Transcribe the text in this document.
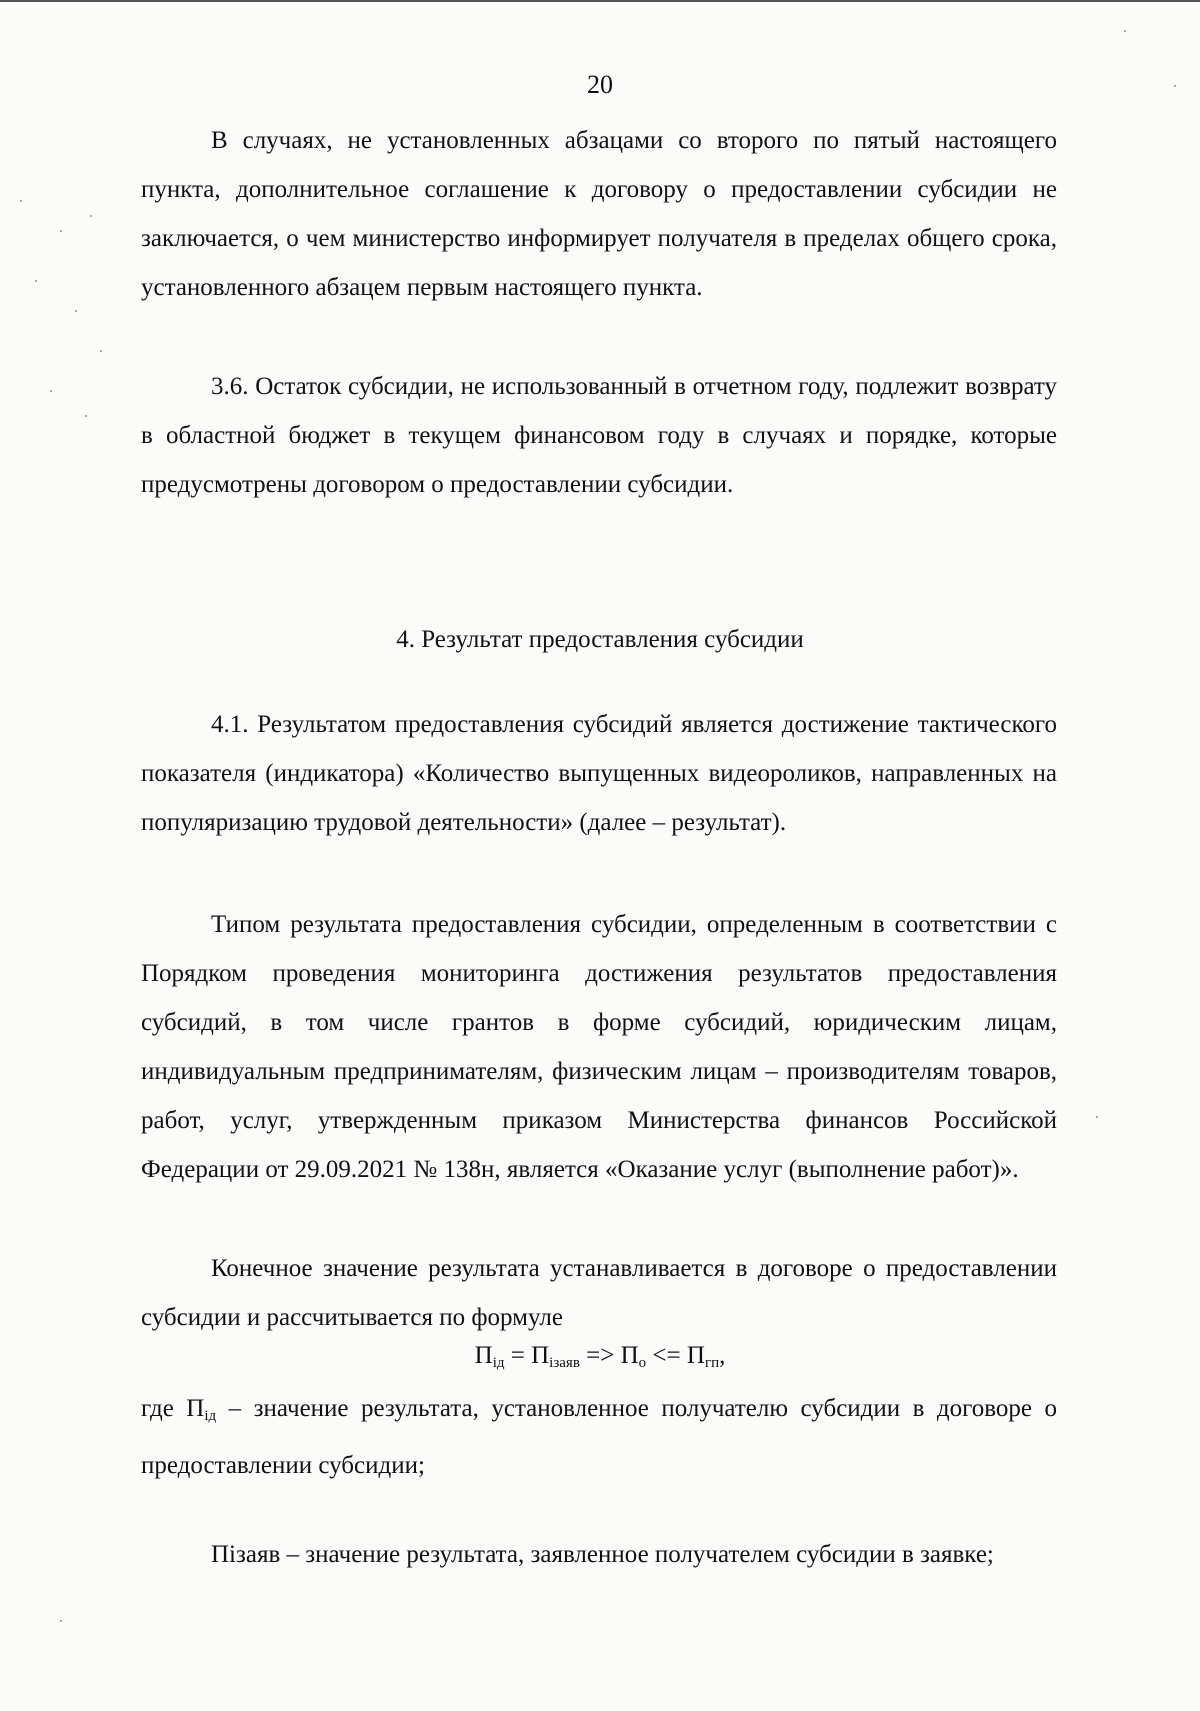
20

В случаях, не установленных абзацами со второго по пятый настоящего пункта, дополнительное соглашение к договору о предоставлении субсидии не заключается, о чем министерство информирует получателя в пределах общего срока, установленного абзацем первым настоящего пункта.

3.6. Остаток субсидии, не использованный в отчетном году, подлежит возврату в областной бюджет в текущем финансовом году в случаях и порядке, которые предусмотрены договором о предоставлении субсидии.

4. Результат предоставления субсидии

4.1. Результатом предоставления субсидий является достижение тактического показателя (индикатора) «Количество выпущенных видеороликов, направленных на популяризацию трудовой деятельности» (далее – результат).

Типом результата предоставления субсидии, определенным в соответствии с Порядком проведения мониторинга достижения результатов предоставления субсидий, в том числе грантов в форме субсидий, юридическим лицам, индивидуальным предпринимателям, физическим лицам – производителям товаров, работ, услуг, утвержденным приказом Министерства финансов Российской Федерации от 29.09.2021 № 138н, является «Оказание услуг (выполнение работ)».

Конечное значение результата устанавливается в договоре о предоставлении субсидии и рассчитывается по формуле

$П_{iд} = П_{iзаяв} => П_о <= П_{гп}$,

где $П_{iд}$ – значение результата, установленное получателю субсидии в договоре о предоставлении субсидии;

Пiзаяв – значение результата, заявленное получателем субсидии в заявке;
